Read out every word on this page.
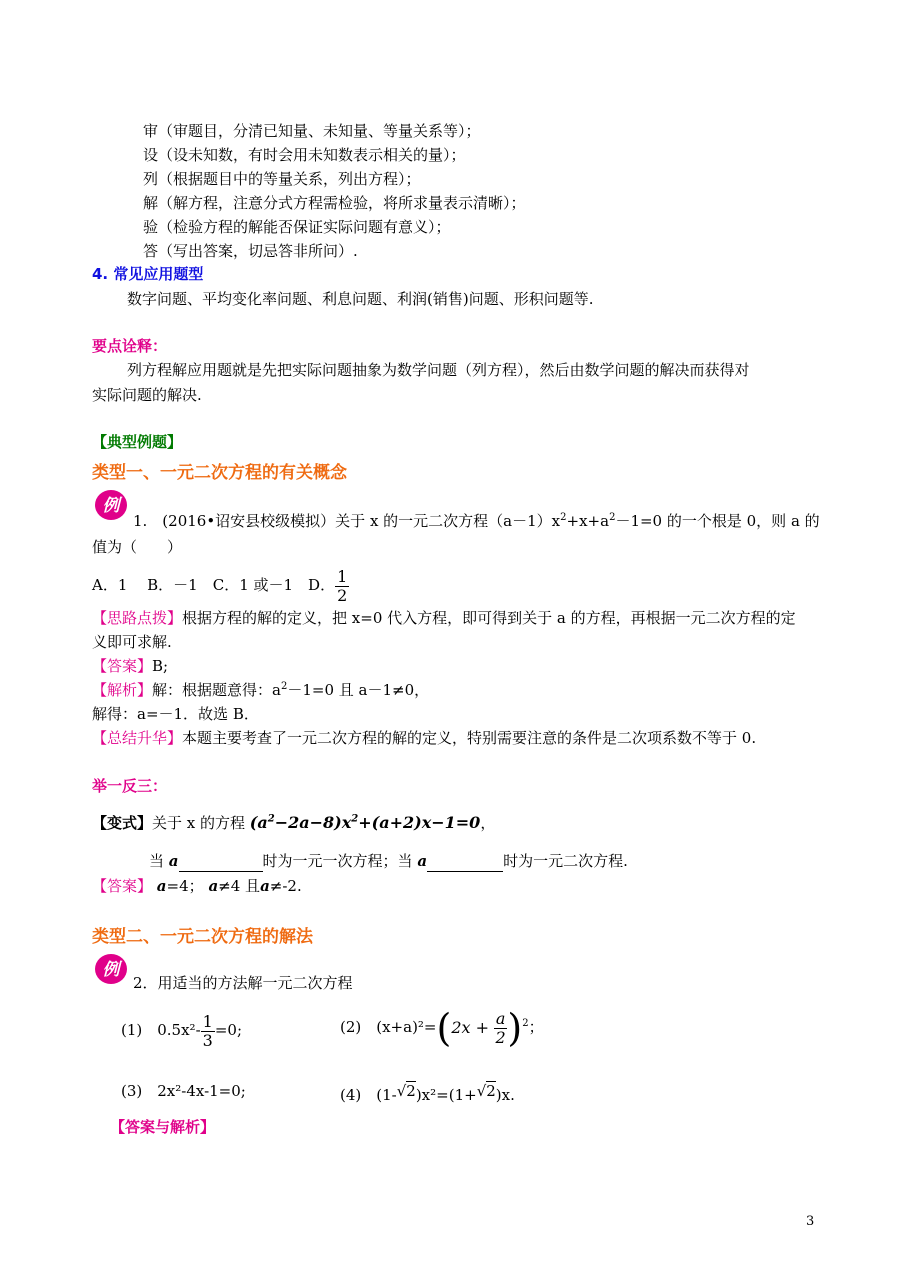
审（审题目，分清已知量、未知量、等量关系等）；
设（设未知数，有时会用未知数表示相关的量）；
列（根据题目中的等量关系，列出方程）；
解（解方程，注意分式方程需检验，将所求量表示清晰）；
验（检验方程的解能否保证实际问题有意义）；
答（写出答案，切忌答非所问）.
4. 常见应用题型
数字问题、平均变化率问题、利息问题、利润(销售)问题、形积问题等.
要点诠释：
列方程解应用题就是先把实际问题抽象为数学问题（列方程），然后由数学问题的解决而获得对
实际问题的解决.
【典型例题】
类型一、一元二次方程的有关概念
例
1.　(2016•诏安县校级模拟）关于 x 的一元二次方程$(a-1)x^2+x+a^2-1=0$ 的一个根是 0，则 a 的
值为（　　）
A．1　 B．－1　C．1 或－1　D． $\frac{1}{2}$
【思路点拨】根据方程的解的定义，把 x=0 代入方程，即可得到关于 a 的方程，再根据一元二次方程的定
义即可求解.
【答案】B;
【解析】解：根据题意得：$a^2-1=0$ 且 a－1≠0，
解得：a=－1．故选 B．
【总结升华】本题主要考查了一元二次方程的解的定义，特别需要注意的条件是二次项系数不等于 0.
举一反三：
【变式】关于 x 的方程 $(a^2-2a-8)x^2+(a+2)x-1=0$，
当 a	时为一元一次方程；当 a	时为一元二次方程.
【答案】 a=4； a≠4 且a≠-2.
类型二、一元二次方程的解法
例
2．用适当的方法解一元二次方程
(1)　$0.5x^2- \frac{1}{3} =0$;	(2)　$(x+a)^2=(2x + \frac{a}{2} )^2$；
(3)　2x²-4x-1=0;	(4)　(1-√2)x²=(1+√2)x.
【答案与解析】
3
